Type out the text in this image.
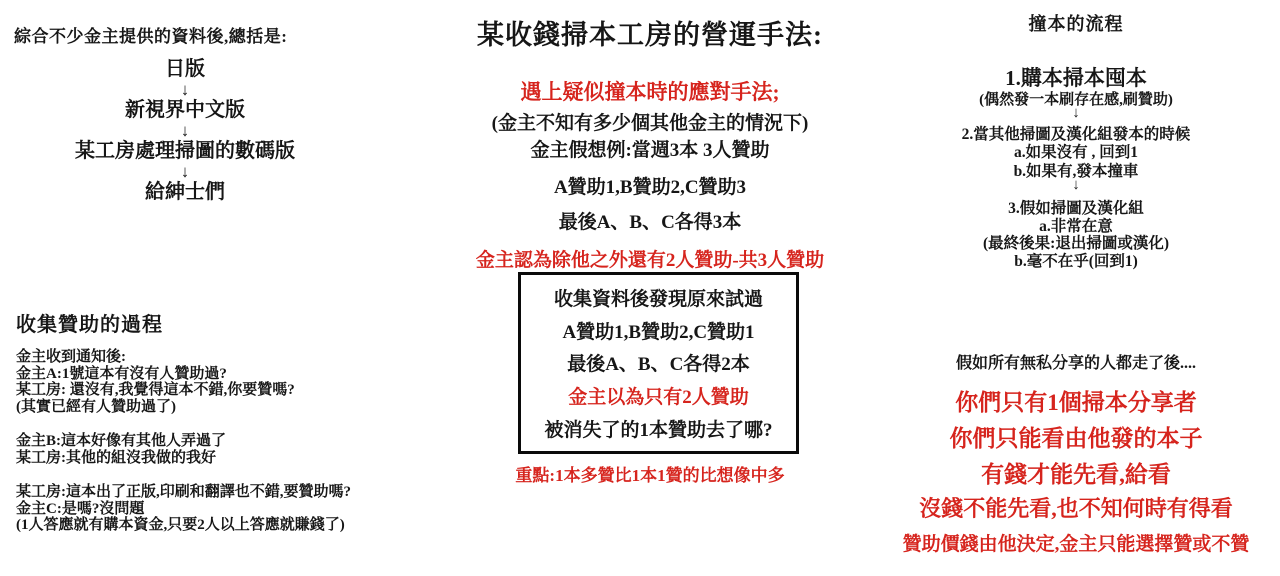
綜合不少金主提供的資料後,總括是:
日版
↓
新視界中文版
↓
某工房處理掃圖的數碼版
↓
給紳士們
收集贊助的過程
金主收到通知後:
金主A:1號這本有沒有人贊助過?
某工房: 還沒有,我覺得這本不錯,你要贊嗎?
(其實已經有人贊助過了)
金主B:這本好像有其他人弄過了
某工房:其他的組沒我做的我好
某工房:這本出了正版,印刷和翻譯也不錯,要贊助嗎?
金主C:是嗎?沒問題
(1人答應就有購本資金,只要2人以上答應就賺錢了)
某收錢掃本工房的營運手法:
遇上疑似撞本時的應對手法;
(金主不知有多少個其他金主的情況下)
金主假想例:當週3本 3人贊助
A贊助1,B贊助2,C贊助3
最後A、B、C各得3本
金主認為除他之外還有2人贊助-共3人贊助
收集資料後發現原來試過
A贊助1,B贊助2,C贊助1
最後A、B、C各得2本
金主以為只有2人贊助
被消失了的1本贊助去了哪?
重點:1本多贊比1本1贊的比想像中多
撞本的流程
1.購本掃本囤本
(偶然發一本刷存在感,刷贊助)
↓
2.當其他掃圖及漢化組發本的時候
a.如果沒有 , 回到1
b.如果有,發本撞車
↓
3.假如掃圖及漢化組
a.非常在意
(最終後果:退出掃圖或漢化)
b.毫不在乎(回到1)
假如所有無私分享的人都走了後....
你們只有1個掃本分享者
你們只能看由他發的本子
有錢才能先看,給看
沒錢不能先看,也不知何時有得看
贊助價錢由他決定,金主只能選擇贊或不贊
